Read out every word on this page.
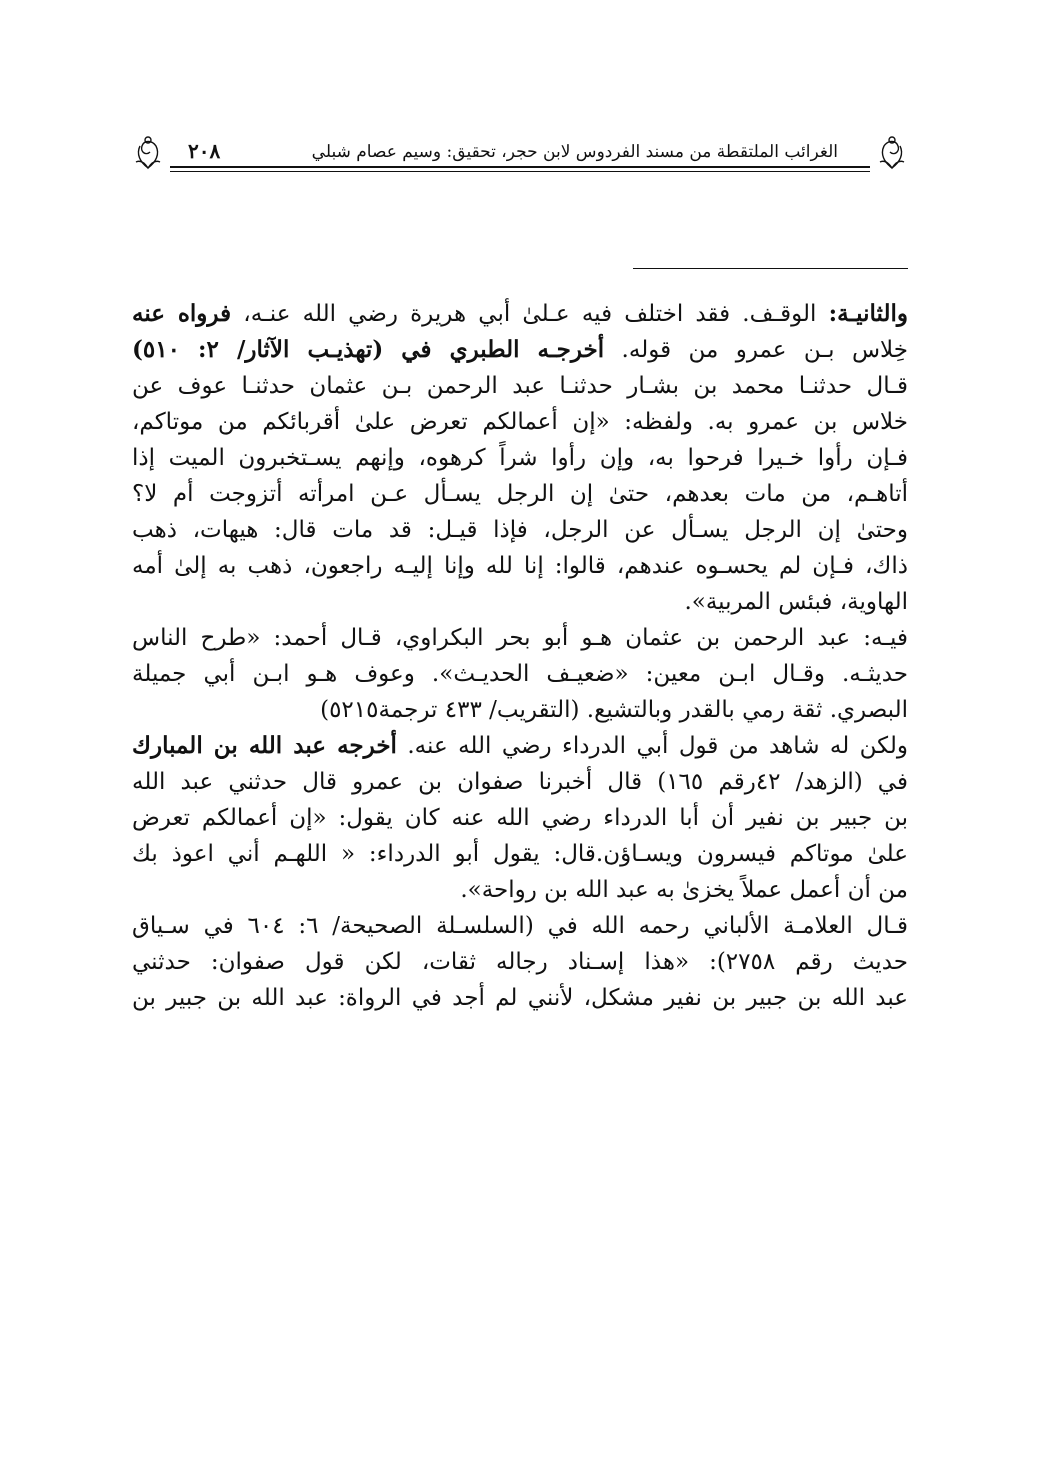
الغرائب الملتقطة من مسند الفردوس لابن حجر، تحقيق: وسيم عصام شبلي
٢٠٨
والثانيـة: الوقـف. فقد اختلف فيه عـلىٰ أبي هريرة رضي الله عنـه، فرواه عنه
خِلاس بـن عمرو من قوله. أخرجـه الطبري في (تهذيـب الآثار/ ٢: ٥١٠)
قـال حدثنـا محمد بن بشـار حدثنـا عبد الرحمن بـن عثمان حدثنـا عوف عن
خلاس بن عمرو به. ولفظه: «إن أعمالكم تعرض علىٰ أقربائكم من موتاكم،
فـإن رأوا خـيرا فرحوا به، وإن رأوا شراً كرهوه، وإنهم يسـتخبرون الميت إذا
أتاهـم، من مات بعدهم، حتىٰ إن الرجل يسـأل عـن امرأته أتزوجت أم لا؟
وحتىٰ إن الرجل يسـأل عن الرجل، فإذا قيـل: قد مات قال: هيهات، ذهب
ذاك، فـإن لم يحسـوه عندهم، قالوا: إنا لله وإنا إليـه راجعون، ذهب به إلىٰ أمه
الهاوية، فبئس المربية».
فيـه: عبد الرحمن بن عثمان هـو أبو بحر البكراوي، قـال أحمد: «طرح الناس
حديثـه. وقـال ابـن معين: «ضعيـف الحديـث». وعوف هـو ابـن أبي جميلة
البصري. ثقة رمي بالقدر وبالتشيع. (التقريب/ ٤٣٣ ترجمة٥٢١٥)
ولكن له شاهد من قول أبي الدرداء رضي الله عنه. أخرجه عبد الله بن المبارك
في (الزهد/ ٤٢رقم ١٦٥) قال أخبرنا صفوان بن عمرو قال حدثني عبد الله
بن جبير بن نفير أن أبا الدرداء رضي الله عنه كان يقول: «إن أعمالكم تعرض
علىٰ موتاكم فيسرون ويسـاؤن.قال: يقول أبو الدرداء: « اللهـم أني اعوذ بك
من أن أعمل عملاً يخزىٰ به عبد الله بن رواحة».
قـال العلامـة الألباني رحمه الله في (السلسـلة الصحيحة/ ٦: ٦٠٤ في سـياق
حديث رقم ٢٧٥٨): «هذا إسـناد رجاله ثقات، لكن قول صفوان: حدثني
عبد الله بن جبير بن نفير مشكل، لأنني لم أجد في الرواة: عبد الله بن جبير بن
